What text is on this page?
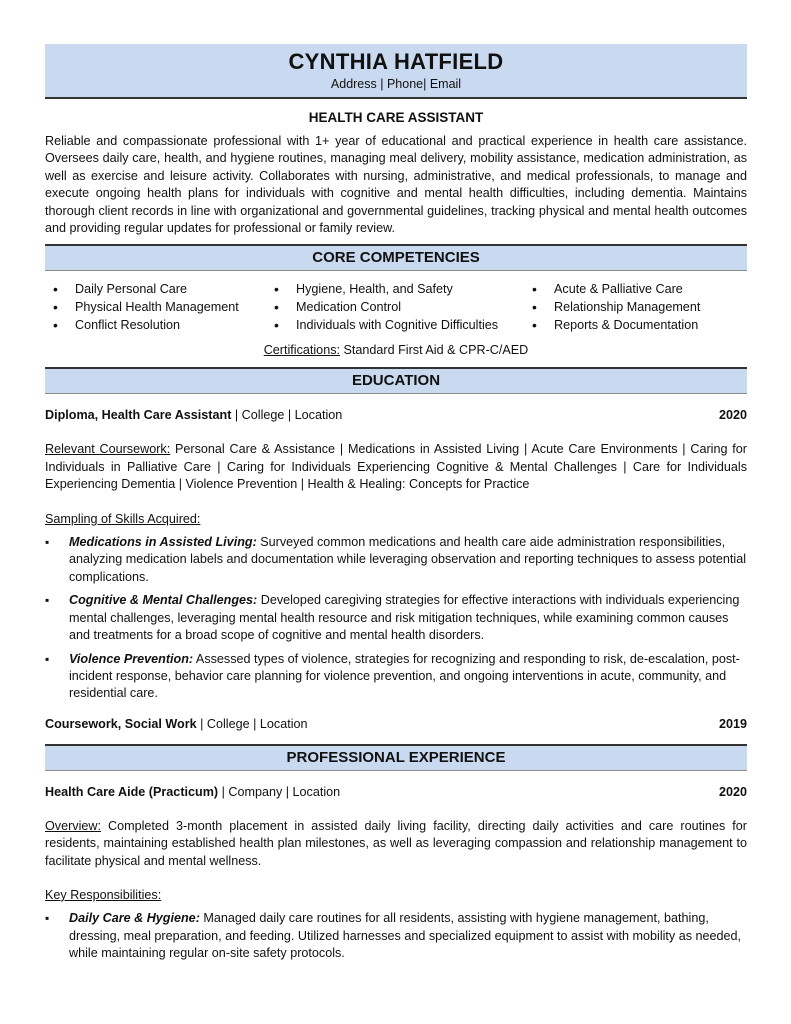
CYNTHIA HATFIELD
Address | Phone| Email
HEALTH CARE ASSISTANT
Reliable and compassionate professional with 1+ year of educational and practical experience in health care assistance. Oversees daily care, health, and hygiene routines, managing meal delivery, mobility assistance, medication administration, as well as exercise and leisure activity. Collaborates with nursing, administrative, and medical professionals, to manage and execute ongoing health plans for individuals with cognitive and mental health difficulties, including dementia. Maintains thorough client records in line with organizational and governmental guidelines, tracking physical and mental health outcomes and providing regular updates for professional or family review.
CORE COMPETENCIES
• Daily Personal Care
• Physical Health Management
• Conflict Resolution
• Hygiene, Health, and Safety
• Medication Control
• Individuals with Cognitive Difficulties
• Acute & Palliative Care
• Relationship Management
• Reports & Documentation
Certifications: Standard First Aid & CPR-C/AED
EDUCATION
Diploma, Health Care Assistant | College | Location	2020
Relevant Coursework: Personal Care & Assistance | Medications in Assisted Living | Acute Care Environments | Caring for Individuals in Palliative Care | Caring for Individuals Experiencing Cognitive & Mental Challenges | Care for Individuals Experiencing Dementia | Violence Prevention | Health & Healing: Concepts for Practice
Sampling of Skills Acquired:
▪ Medications in Assisted Living: Surveyed common medications and health care aide administration responsibilities, analyzing medication labels and documentation while leveraging observation and reporting techniques to assess potential complications.
▪ Cognitive & Mental Challenges: Developed caregiving strategies for effective interactions with individuals experiencing mental challenges, leveraging mental health resource and risk mitigation techniques, while examining common causes and treatments for a broad scope of cognitive and mental health disorders.
▪ Violence Prevention: Assessed types of violence, strategies for recognizing and responding to risk, de-escalation, post-incident response, behavior care planning for violence prevention, and ongoing interventions in acute, community, and residential care.
Coursework, Social Work | College | Location	2019
PROFESSIONAL EXPERIENCE
Health Care Aide (Practicum) | Company | Location	2020
Overview: Completed 3-month placement in assisted daily living facility, directing daily activities and care routines for residents, maintaining established health plan milestones, as well as leveraging compassion and relationship management to facilitate physical and mental wellness.
Key Responsibilities:
▪ Daily Care & Hygiene: Managed daily care routines for all residents, assisting with hygiene management, bathing, dressing, meal preparation, and feeding. Utilized harnesses and specialized equipment to assist with mobility as needed, while maintaining regular on-site safety protocols.
